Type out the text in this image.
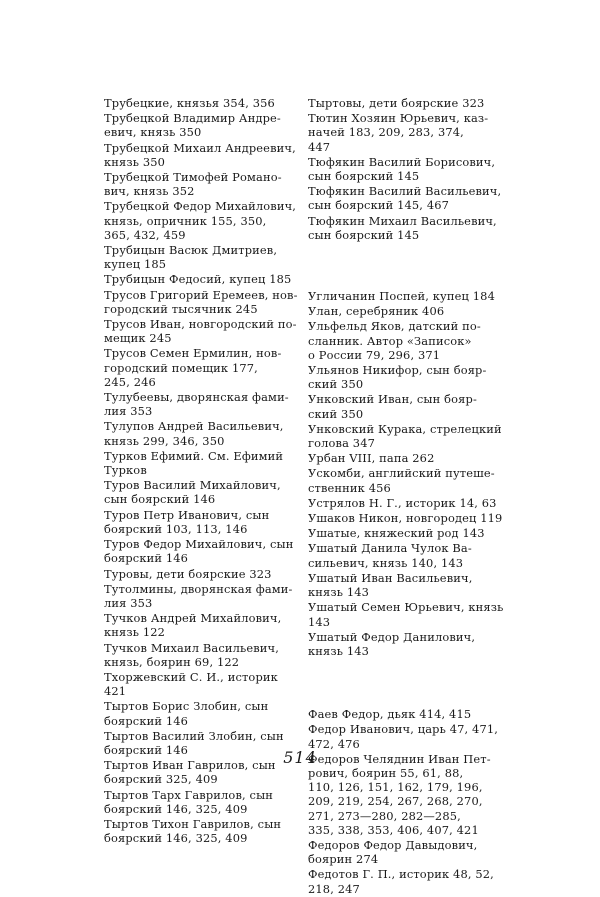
Трубецкие, князья 354, 356
Трубецкой Владимир Андре-
евич, князь 350
Трубецкой Михаил Андреевич,
князь 350
Трубецкой Тимофей Романо-
вич, князь 352
Трубецкой Федор Михайлович,
князь, опричник 155, 350,
365, 432, 459
Трубицын Васюк Дмитриев,
купец 185
Трубицын Федосий, купец 185
Трусов Григорий Еремеев, нов-
городский тысячник 245
Трусов Иван, новгородский по-
мещик 245
Трусов Семен Ермилин, нов-
городский помещик 177,
245, 246
Тулубеевы, дворянская фами-
лия 353
Тулупов Андрей Васильевич,
князь 299, 346, 350
Турков Ефимий. См. Ефимий
Турков
Туров Василий Михайлович,
сын боярский 146
Туров Петр Иванович, сын
боярский 103, 113, 146
Туров Федор Михайлович, сын
боярский 146
Туровы, дети боярские 323
Тутолмины, дворянская фами-
лия 353
Тучков Андрей Михайлович,
князь 122
Тучков Михаил Васильевич,
князь, боярин 69, 122
Тхоржевский С. И., историк
421
Тыртов Борис Злобин, сын
боярский 146
Тыртов Василий Злобин, сын
боярский 146
Тыртов Иван Гаврилов, сын
боярский 325, 409
Тыртов Тарх Гаврилов, сын
боярский 146, 325, 409
Тыртов Тихон Гаврилов, сын
боярский 146, 325, 409
Тыртовы, дети боярские 323
Тютин Хозяин Юрьевич, каз-
начей 183, 209, 283, 374,
447
Тюфякин Василий Борисович,
сын боярский 145
Тюфякин Василий Васильевич,
сын боярский 145, 467
Тюфякин Михаил Васильевич,
сын боярский 145
Угличанин Поспей, купец 184
Улан, серебряник 406
Ульфельд Яков, датский по-
сланник. Автор «Записок»
о России 79, 296, 371
Ульянов Никифор, сын бояр-
ский 350
Унковский Иван, сын бояр-
ский 350
Унковский Курака, стрелецкий
голова 347
Урбан VIII, папа 262
Ускомби, английский путеше-
ственник 456
Устрялов Н. Г., историк 14, 63
Ушаков Никон, новгородец 119
Ушатые, княжеский род 143
Ушатый Данила Чулок Ва-
сильевич, князь 140, 143
Ушатый Иван Васильевич,
князь 143
Ушатый Семен Юрьевич, князь
143
Ушатый Федор Данилович,
князь 143
Фаев Федор, дьяк 414, 415
Федор Иванович, царь 47, 471,
472, 476
Федоров Челяднин Иван Пет-
рович, боярин 55, 61, 88,
110, 126, 151, 162, 179, 196,
209, 219, 254, 267, 268, 270,
271, 273—280, 282—285,
335, 338, 353, 406, 407, 421
Федоров Федор Давыдович,
боярин 274
Федотов Г. П., историк 48, 52,
218, 247
514
